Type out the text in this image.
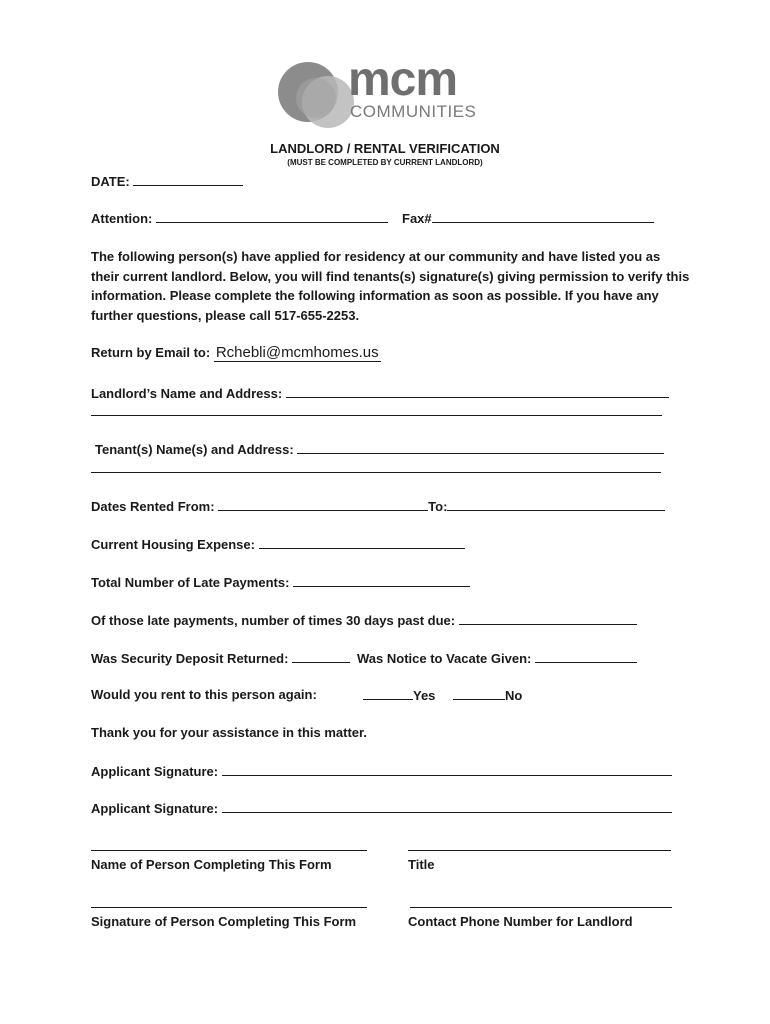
mcm
COMMUNITIES
LANDLORD / RENTAL VERIFICATION
(MUST BE COMPLETED BY CURRENT LANDLORD)
DATE:
Attention:	Fax#
The following person(s) have applied for residency at our community and have listed you as their current landlord. Below, you will find tenants(s) signature(s) giving permission to verify this information. Please complete the following information as soon as possible. If you have any further questions, please call 517-655-2253.
Return by Email to: Rchebli@mcmhomes.us
Landlord’s Name and Address:
Tenant(s) Name(s) and Address:
Dates Rented From:	To:
Current Housing Expense:
Total Number of Late Payments:
Of those late payments, number of times 30 days past due:
Was Security Deposit Returned:	Was Notice to Vacate Given:
Would you rent to this person again:	Yes	No
Thank you for your assistance in this matter.
Applicant Signature:
Applicant Signature:
Name of Person Completing This Form	Title
Signature of Person Completing This Form	Contact Phone Number for Landlord
